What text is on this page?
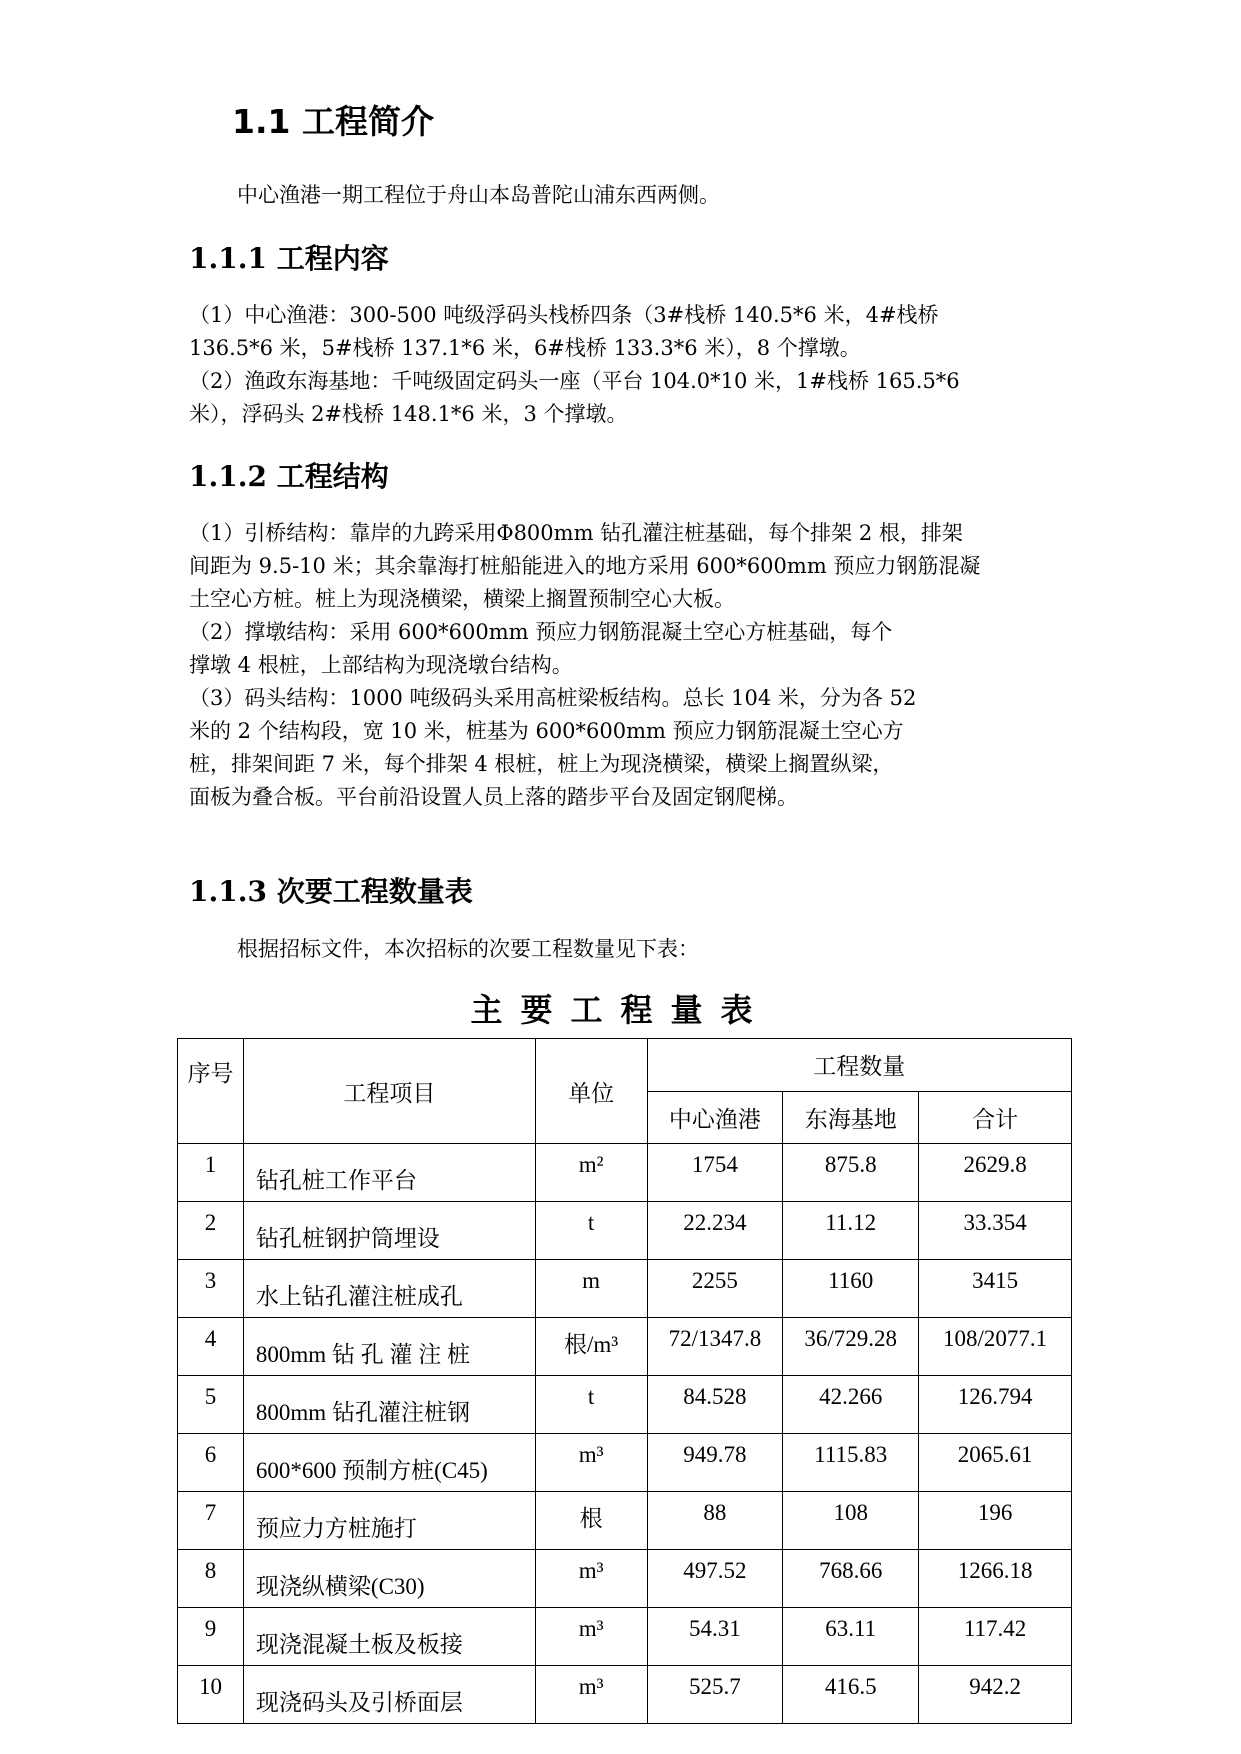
1.1 工程简介
中心渔港一期工程位于舟山本岛普陀山浦东西两侧。
1.1.1 工程内容
（1）中心渔港：300-500 吨级浮码头栈桥四条（3#栈桥 140.5*6 米，4#栈桥
136.5*6 米，5#栈桥 137.1*6 米，6#栈桥 133.3*6 米），8 个撑墩。
（2）渔政东海基地：千吨级固定码头一座（平台 104.0*10 米，1#栈桥 165.5*6
米），浮码头 2#栈桥 148.1*6 米，3 个撑墩。
1.1.2 工程结构
（1）引桥结构：靠岸的九跨采用Φ800mm 钻孔灌注桩基础，每个排架 2 根，排架
间距为 9.5-10 米；其余靠海打桩船能进入的地方采用 600*600mm 预应力钢筋混凝
土空心方桩。桩上为现浇横梁，横梁上搁置预制空心大板。
（2）撑墩结构：采用 600*600mm 预应力钢筋混凝土空心方桩基础，每个
撑墩 4 根桩，上部结构为现浇墩台结构。
（3）码头结构：1000 吨级码头采用高桩梁板结构。总长 104 米，分为各 52
米的 2 个结构段，宽 10 米，桩基为 600*600mm 预应力钢筋混凝土空心方
桩，排架间距 7 米，每个排架 4 根桩，桩上为现浇横梁，横梁上搁置纵梁，
面板为叠合板。平台前沿设置人员上落的踏步平台及固定钢爬梯。
1.1.3 次要工程数量表
根据招标文件，本次招标的次要工程数量见下表：
主要工程量表
序号	工程项目	单位	工程数量		
			中心渔港	东海基地	合计
1	钻孔桩工作平台	m²	1754	875.8	2629.8
2	钻孔桩钢护筒埋设	t	22.234	11.12	33.354
3	水上钻孔灌注桩成孔	m	2255	1160	3415
4	800mm 钻 孔 灌 注 桩	根/m³	72/1347.8	36/729.28	108/2077.1
5	800mm 钻孔灌注桩钢	t	84.528	42.266	126.794
6	600*600 预制方桩(C45)	m³	949.78	1115.83	2065.61
7	预应力方桩施打	根	88	108	196
8	现浇纵横梁(C30)	m³	497.52	768.66	1266.18
9	现浇混凝土板及板接	m³	54.31	63.11	117.42
10	现浇码头及引桥面层	m³	525.7	416.5	942.2
